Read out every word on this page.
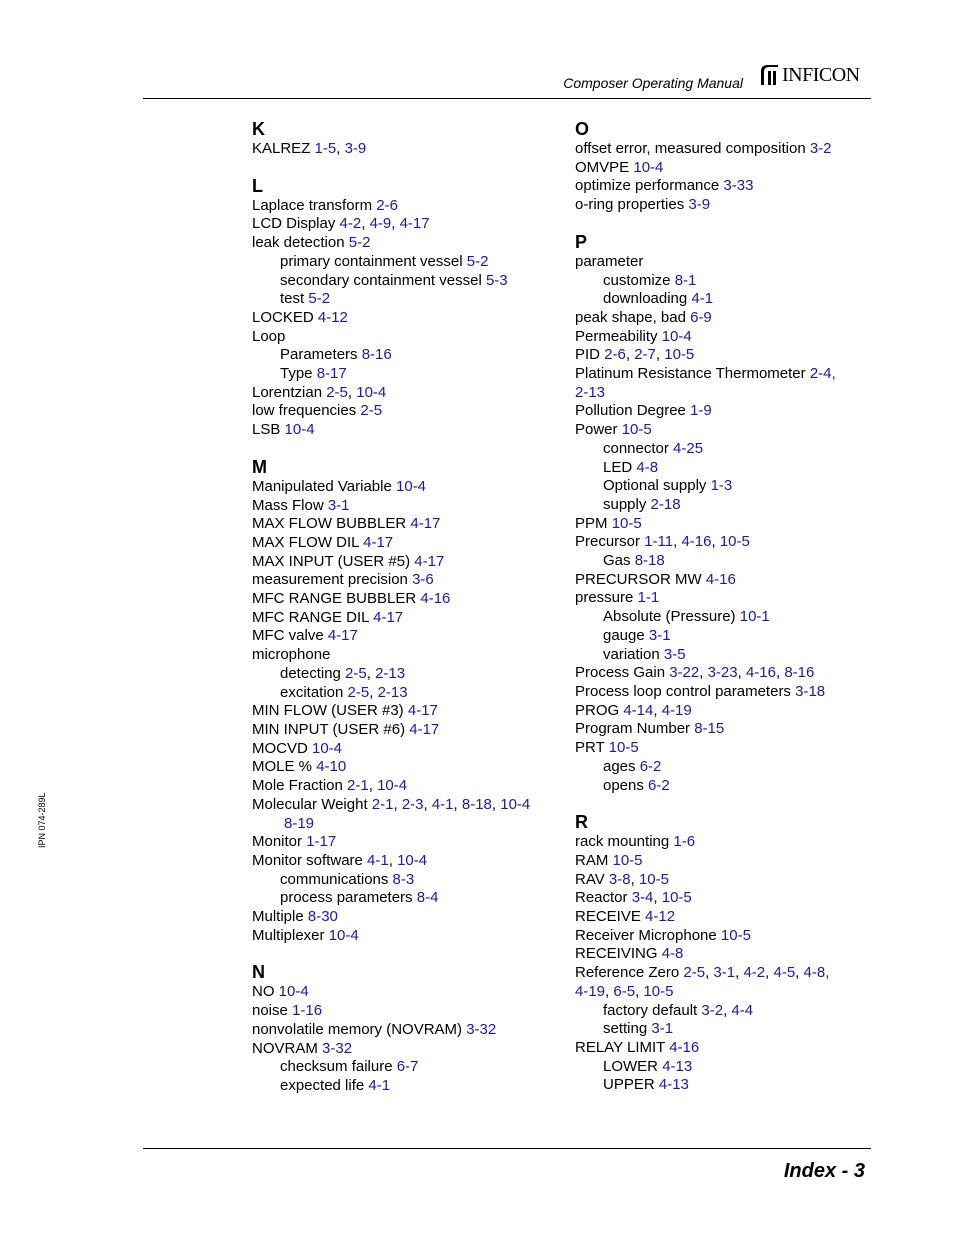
Composer Operating Manual INFICON
K
KALREZ 1-5, 3-9
L
Laplace transform 2-6
LCD Display 4-2, 4-9, 4-17
leak detection 5-2
primary containment vessel 5-2
secondary containment vessel 5-3
test 5-2
LOCKED 4-12
Loop
Parameters 8-16
Type 8-17
Lorentzian 2-5, 10-4
low frequencies 2-5
LSB 10-4
M
Manipulated Variable 10-4
Mass Flow 3-1
MAX FLOW BUBBLER 4-17
MAX FLOW DIL 4-17
MAX INPUT (USER #5) 4-17
measurement precision 3-6
MFC RANGE BUBBLER 4-16
MFC RANGE DIL 4-17
MFC valve 4-17
microphone
detecting 2-5, 2-13
excitation 2-5, 2-13
MIN FLOW (USER #3) 4-17
MIN INPUT (USER #6) 4-17
MOCVD 10-4
MOLE % 4-10
Mole Fraction 2-1, 10-4
Molecular Weight 2-1, 2-3, 4-1, 8-18, 10-4
8-19
Monitor 1-17
Monitor software 4-1, 10-4
communications 8-3
process parameters 8-4
Multiple 8-30
Multiplexer 10-4
N
NO 10-4
noise 1-16
nonvolatile memory (NOVRAM) 3-32
NOVRAM 3-32
checksum failure 6-7
expected life 4-1
O
offset error, measured composition 3-2
OMVPE 10-4
optimize performance 3-33
o-ring properties 3-9
P
parameter
customize 8-1
downloading 4-1
peak shape, bad 6-9
Permeability 10-4
PID 2-6, 2-7, 10-5
Platinum Resistance Thermometer 2-4,
2-13
Pollution Degree 1-9
Power 10-5
connector 4-25
LED 4-8
Optional supply 1-3
supply 2-18
PPM 10-5
Precursor 1-11, 4-16, 10-5
Gas 8-18
PRECURSOR MW 4-16
pressure 1-1
Absolute (Pressure) 10-1
gauge 3-1
variation 3-5
Process Gain 3-22, 3-23, 4-16, 8-16
Process loop control parameters 3-18
PROG 4-14, 4-19
Program Number 8-15
PRT 10-5
ages 6-2
opens 6-2
R
rack mounting 1-6
RAM 10-5
RAV 3-8, 10-5
Reactor 3-4, 10-5
RECEIVE 4-12
Receiver Microphone 10-5
RECEIVING 4-8
Reference Zero 2-5, 3-1, 4-2, 4-5, 4-8,
4-19, 6-5, 10-5
factory default 3-2, 4-4
setting 3-1
RELAY LIMIT 4-16
LOWER 4-13
UPPER 4-13
IPN 074-289L
Index - 3
